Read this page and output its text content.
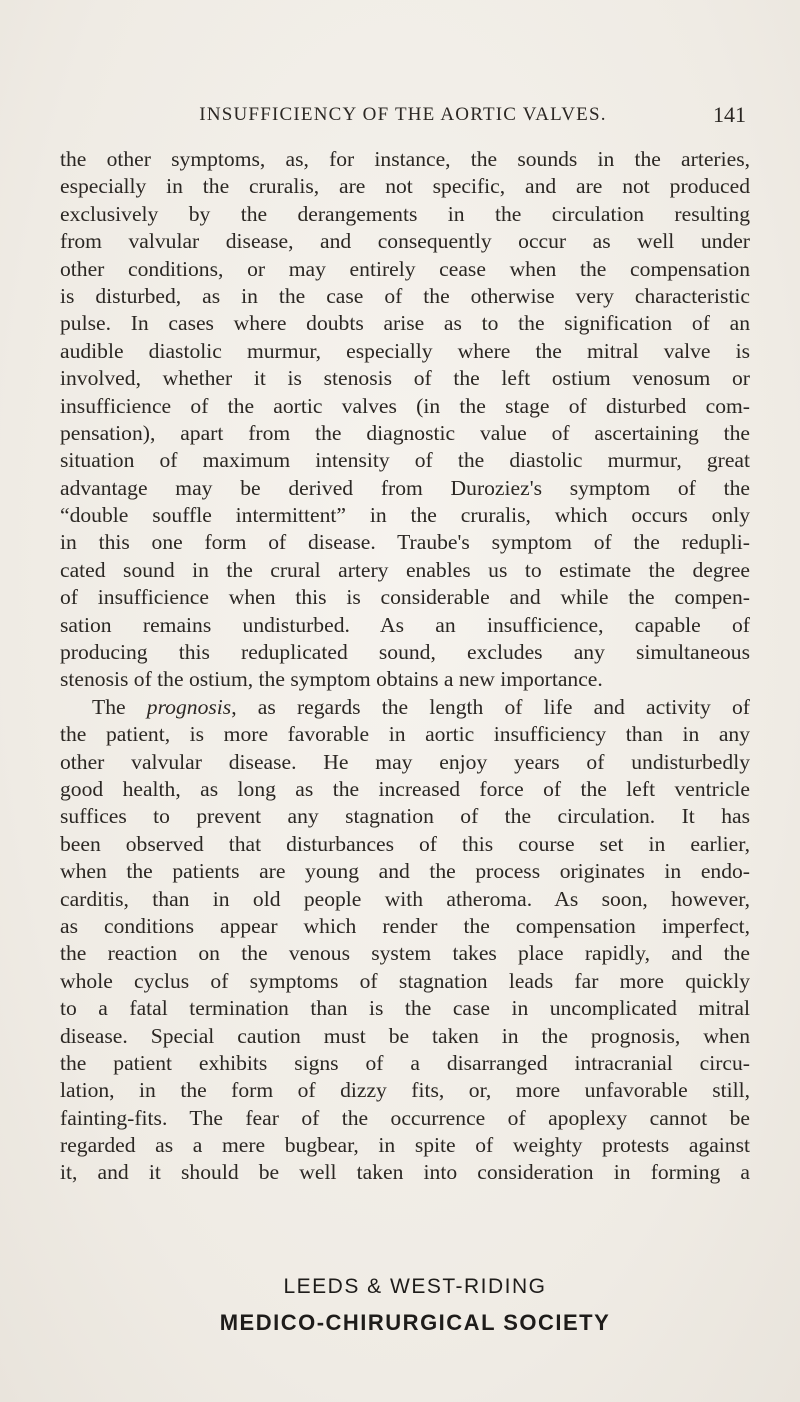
INSUFFICIENCY OF THE AORTIC VALVES.	141
the other symptoms, as, for instance, the sounds in the arteries,
especially in the cruralis, are not specific, and are not produced
exclusively by the derangements in the circulation resulting
from valvular disease, and consequently occur as well under
other conditions, or may entirely cease when the compensation
is disturbed, as in the case of the otherwise very characteristic
pulse. In cases where doubts arise as to the signification of an
audible diastolic murmur, especially where the mitral valve is
involved, whether it is stenosis of the left ostium venosum or
insufficience of the aortic valves (in the stage of disturbed com-
pensation), apart from the diagnostic value of ascertaining the
situation of maximum intensity of the diastolic murmur, great
advantage may be derived from Duroziez's symptom of the
“double souffle intermittent” in the cruralis, which occurs only
in this one form of disease. Traube's symptom of the redupli-
cated sound in the crural artery enables us to estimate the degree
of insufficience when this is considerable and while the compen-
sation remains undisturbed. As an insufficience, capable of
producing this reduplicated sound, excludes any simultaneous
stenosis of the ostium, the symptom obtains a new importance.
The prognosis, as regards the length of life and activity of
the patient, is more favorable in aortic insufficiency than in any
other valvular disease. He may enjoy years of undisturbedly
good health, as long as the increased force of the left ventricle
suffices to prevent any stagnation of the circulation. It has
been observed that disturbances of this course set in earlier,
when the patients are young and the process originates in endo-
carditis, than in old people with atheroma. As soon, however,
as conditions appear which render the compensation imperfect,
the reaction on the venous system takes place rapidly, and the
whole cyclus of symptoms of stagnation leads far more quickly
to a fatal termination than is the case in uncomplicated mitral
disease. Special caution must be taken in the prognosis, when
the patient exhibits signs of a disarranged intracranial circu-
lation, in the form of dizzy fits, or, more unfavorable still,
fainting-fits. The fear of the occurrence of apoplexy cannot be
regarded as a mere bugbear, in spite of weighty protests against
it, and it should be well taken into consideration in forming a
LEEDS & WEST-RIDING
MEDICO-CHIRURGICAL SOCIETY
